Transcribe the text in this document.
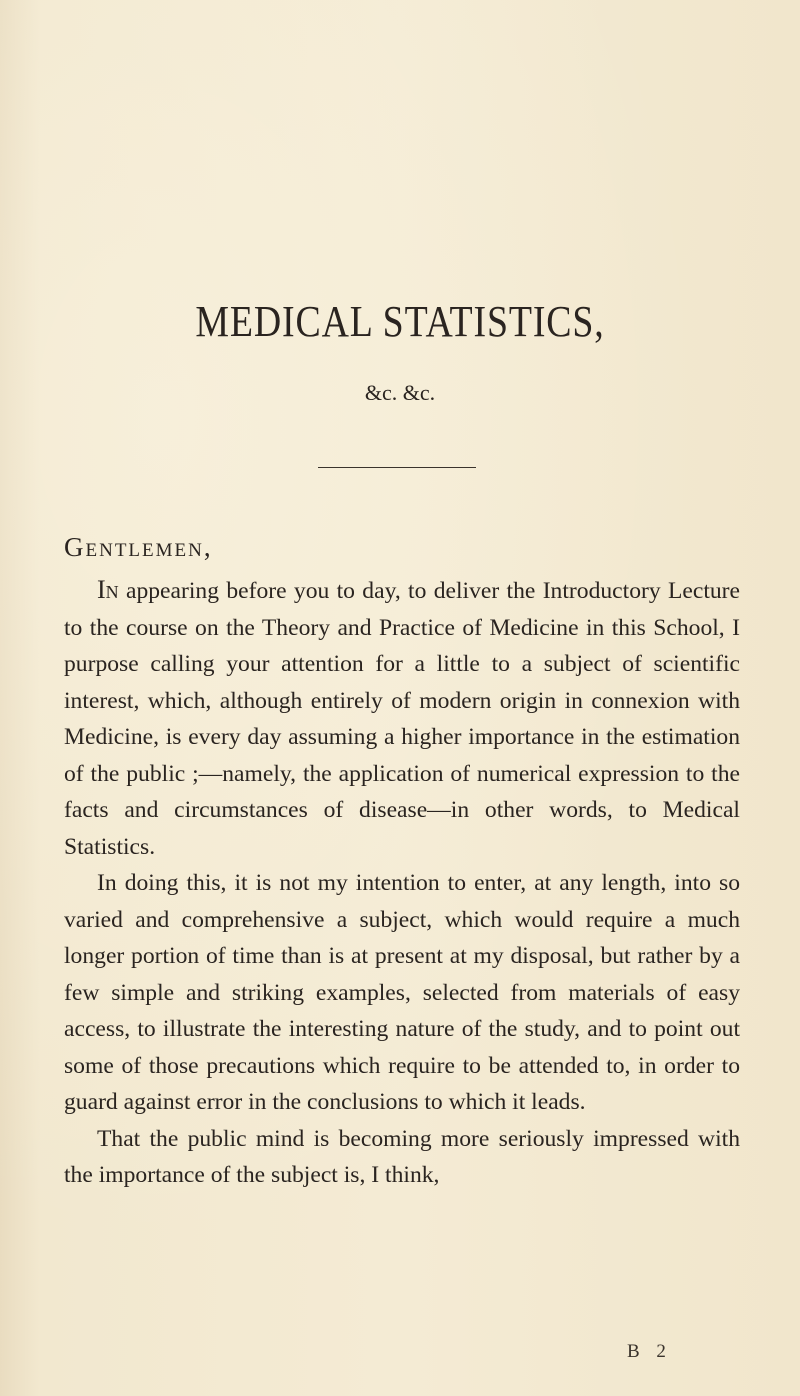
MEDICAL STATISTICS,
&c. &c.
Gentlemen,

In appearing before you to day, to deliver the Introductory Lecture to the course on the Theory and Practice of Medicine in this School, I purpose calling your attention for a little to a subject of scientific interest, which, although entirely of modern origin in connexion with Medicine, is every day assuming a higher importance in the estimation of the public ;—namely, the application of numerical expression to the facts and circumstances of disease—in other words, to Medical Statistics.

In doing this, it is not my intention to enter, at any length, into so varied and comprehensive a subject, which would require a much longer portion of time than is at present at my disposal, but rather by a few simple and striking examples, selected from materials of easy access, to illustrate the interesting nature of the study, and to point out some of those precautions which require to be attended to, in order to guard against error in the conclusions to which it leads.

That the public mind is becoming more seriously impressed with the importance of the subject is, I think,

B 2
